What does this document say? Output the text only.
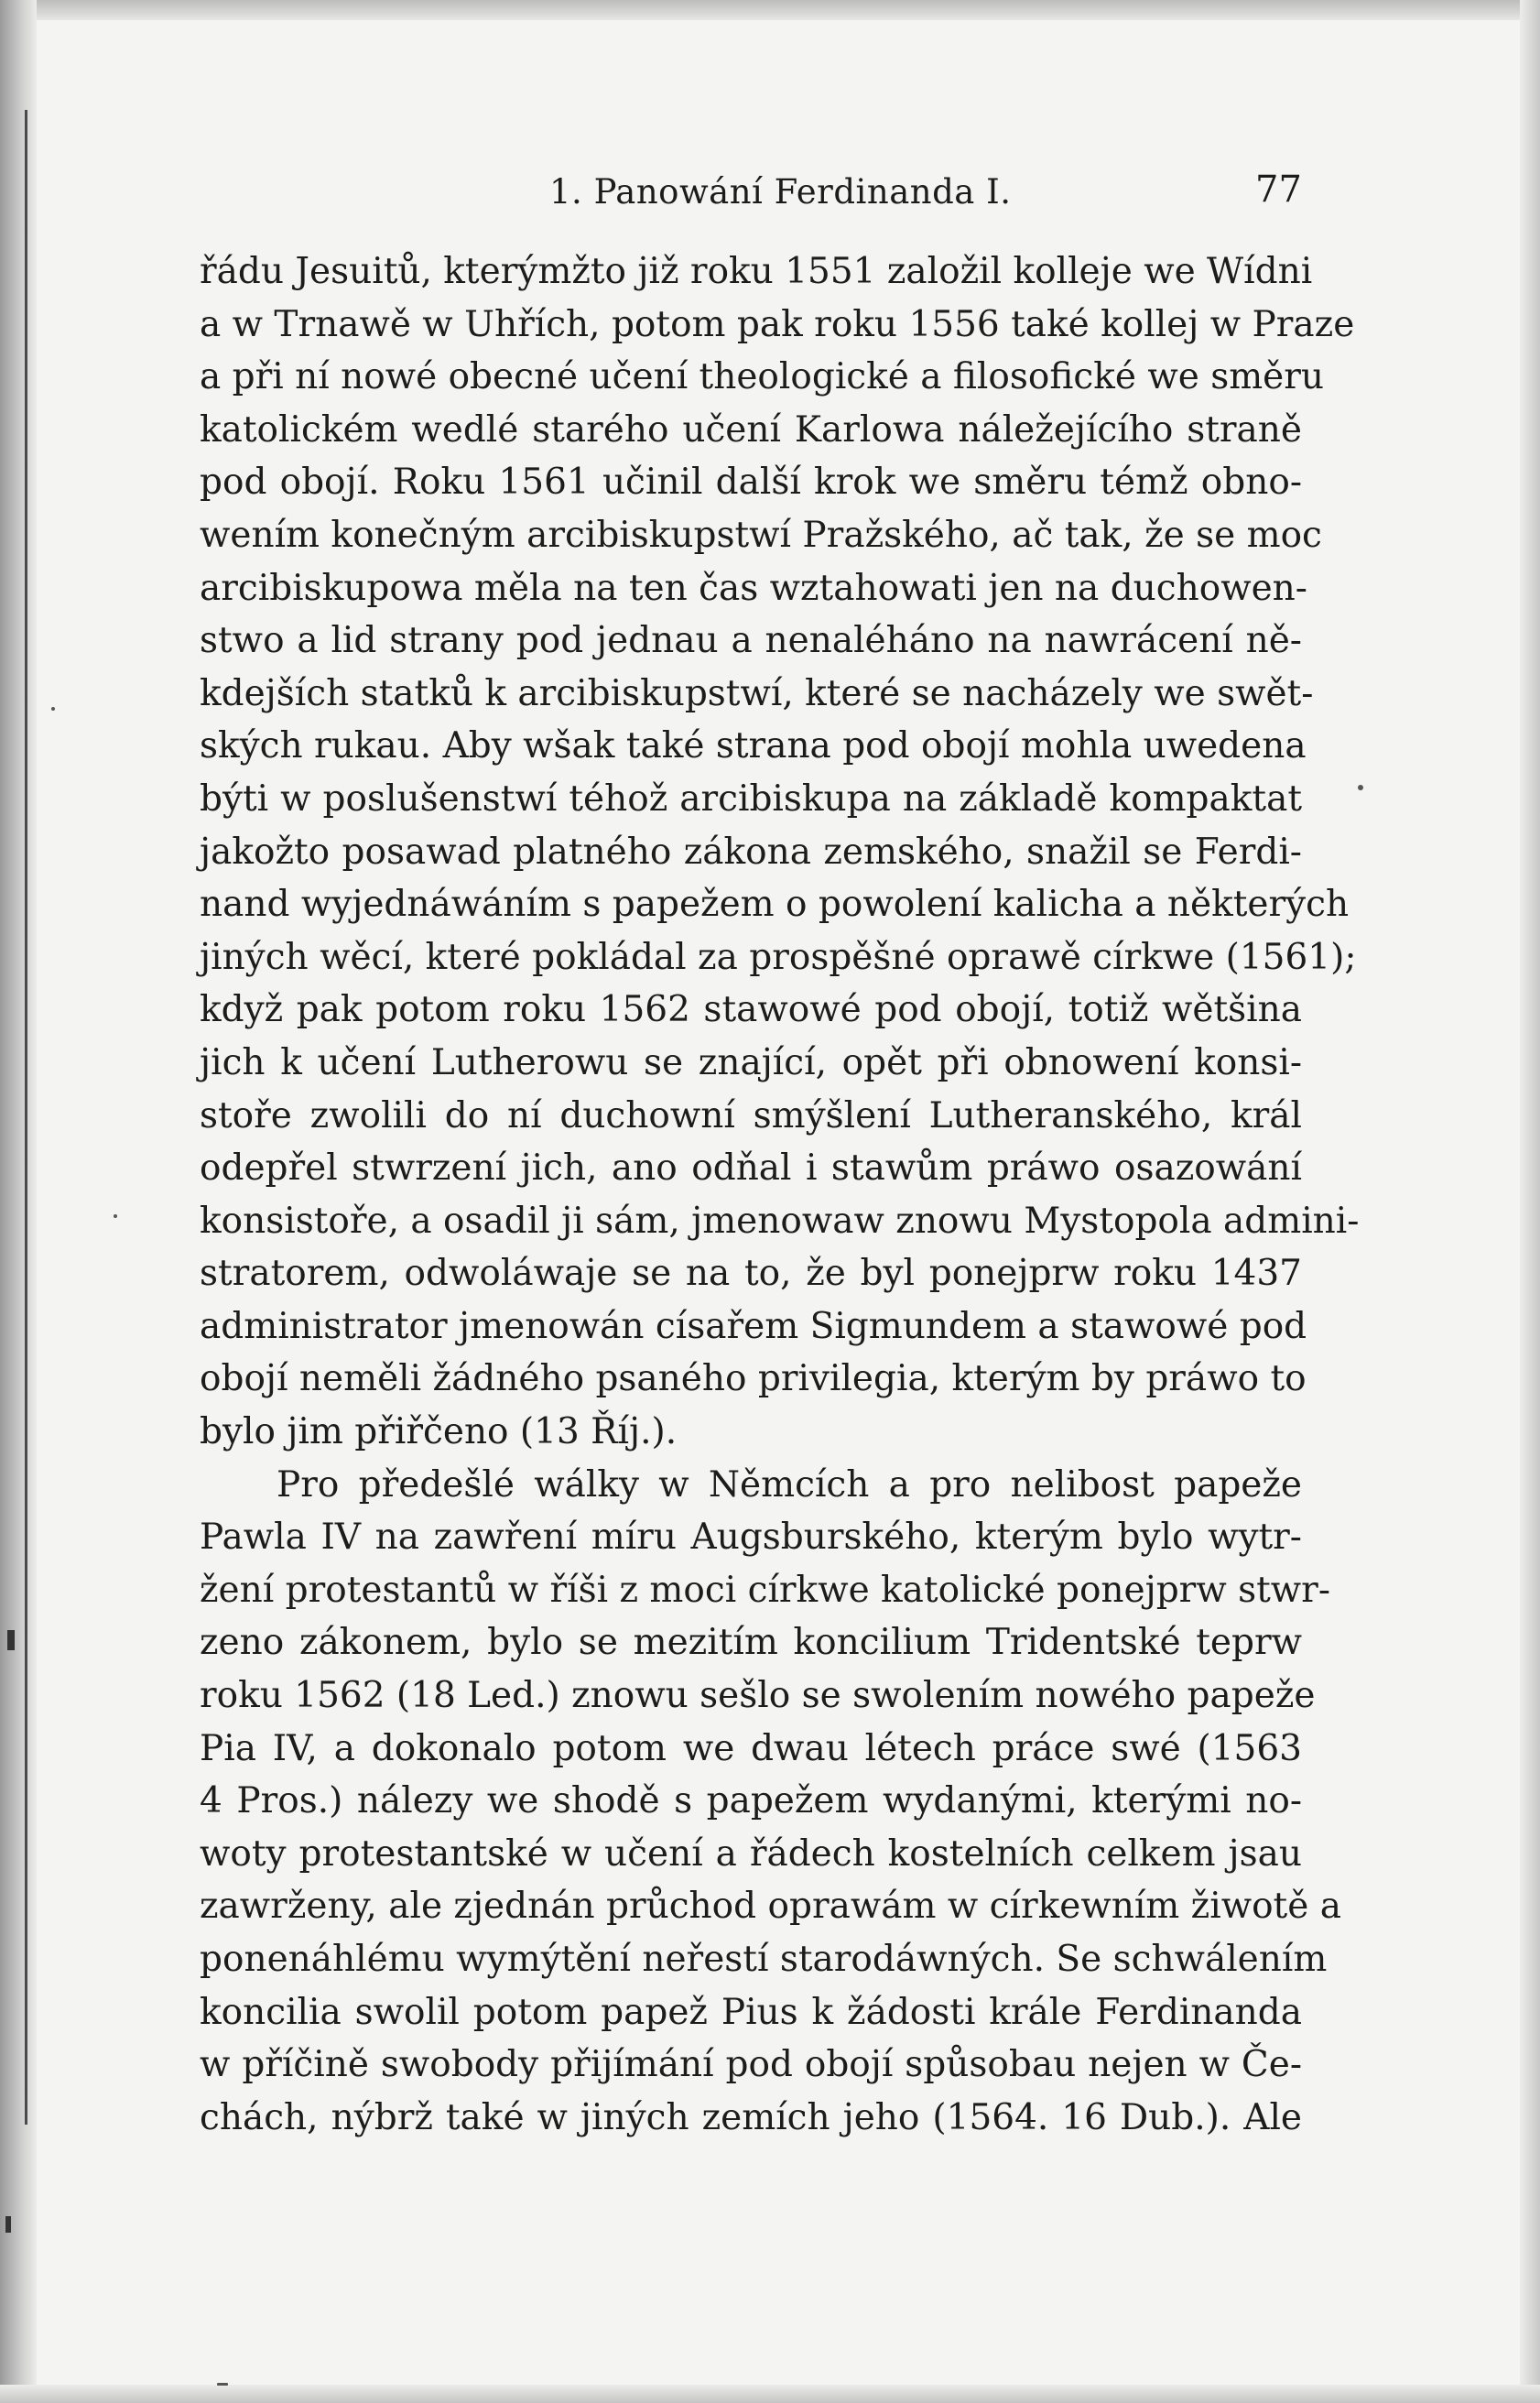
1. Panowání Ferdinanda I.	77
řádu Jesuitů, kterýmžto již roku 1551 založil kolleje we Wídni
a w Trnawě w Uhřích, potom pak roku 1556 také kollej w Praze
a při ní nowé obecné učení theologické a filosofické we směru
katolickém wedlé starého učení Karlowa náležejícího straně
pod obojí. Roku 1561 učinil další krok we směru témž obno-
wením konečným arcibiskupstwí Pražského, ač tak, že se moc
arcibiskupowa měla na ten čas wztahowati jen na duchowen-
stwo a lid strany pod jednau a nenaléháno na nawrácení ně-
kdejších statků k arcibiskupstwí, které se nacházely we swět-
ských rukau. Aby wšak také strana pod obojí mohla uwedena
býti w poslušenstwí téhož arcibiskupa na základě kompaktat
jakožto posawad platného zákona zemského, snažil se Ferdi-
nand wyjednáwáním s papežem o powolení kalicha a některých
jiných wěcí, které pokládal za prospěšné oprawě církwe (1561);
když pak potom roku 1562 stawowé pod obojí, totiž wětšina
jich k učení Lutherowu se znající, opět při obnowení konsi-
stoře zwolili do ní duchowní smýšlení Lutheranského, král
odepřel stwrzení jich, ano odňal i stawům práwo osazowání
konsistoře, a osadil ji sám, jmenowaw znowu Mystopola admini-
stratorem, odwoláwaje se na to, že byl ponejprw roku 1437
administrator jmenowán císařem Sigmundem a stawowé pod
obojí neměli žádného psaného privilegia, kterým by práwo to
bylo jim přiřčeno (13 Říj.).
Pro předešlé wálky w Němcích a pro nelibost papeže
Pawla IV na zawření míru Augsburského, kterým bylo wytr-
žení protestantů w říši z moci církwe katolické ponejprw stwr-
zeno zákonem, bylo se mezitím koncilium Tridentské teprw
roku 1562 (18 Led.) znowu sešlo se swolením nowého papeže
Pia IV, a dokonalo potom we dwau létech práce swé (1563
4 Pros.) nálezy we shodě s papežem wydanými, kterými no-
woty protestantské w učení a řádech kostelních celkem jsau
zawrženy, ale zjednán průchod oprawám w církewním žiwotě a
ponenáhlému wymýtění neřestí starodáwných. Se schwálením
koncilia swolil potom papež Pius k žádosti krále Ferdinanda
w příčině swobody přijímání pod obojí spůsobau nejen w Če-
chách, nýbrž také w jiných zemích jeho (1564. 16 Dub.). Ale
